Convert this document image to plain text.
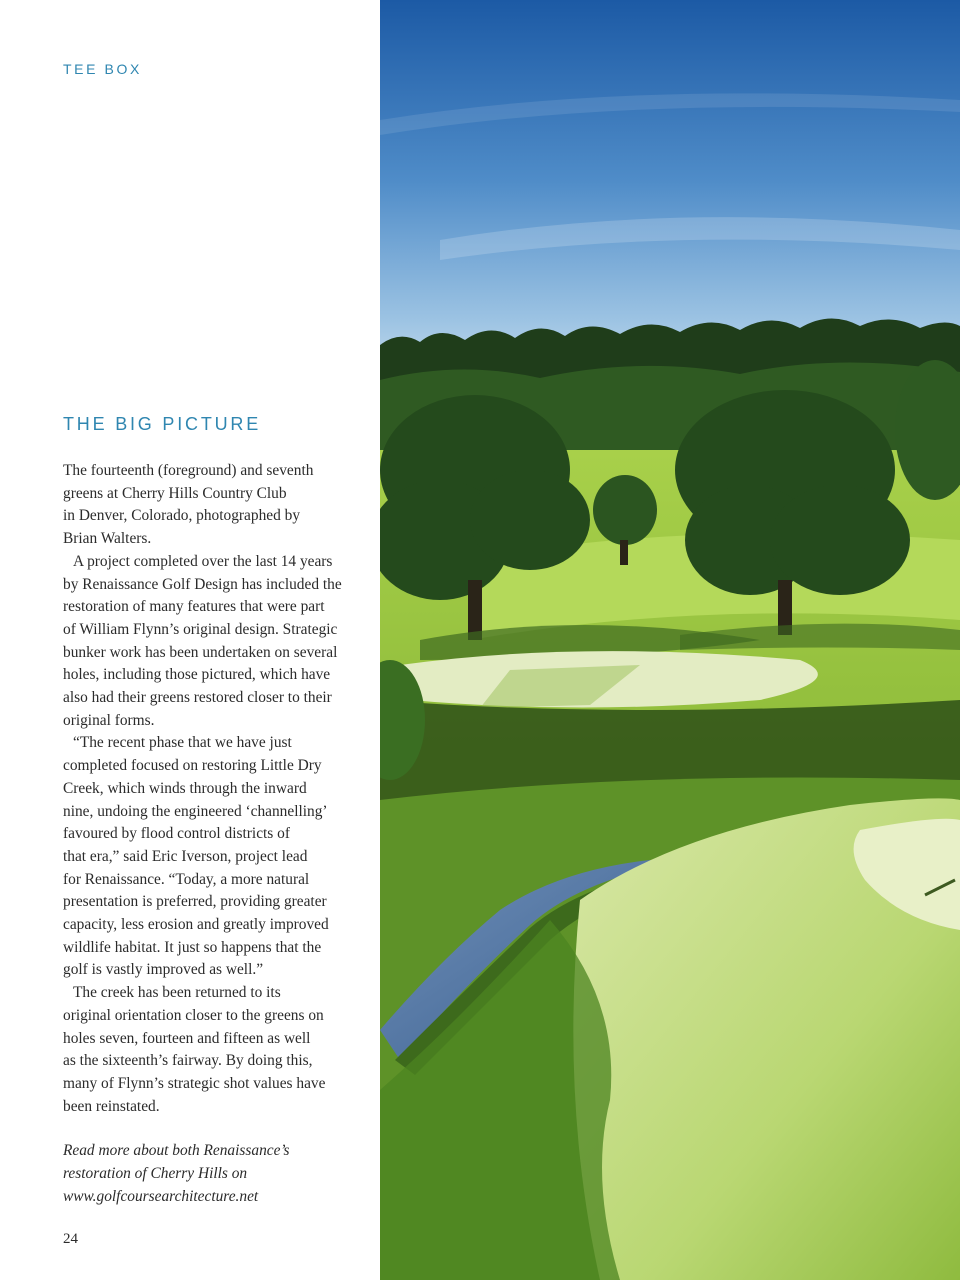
TEE BOX
THE BIG PICTURE
The fourteenth (foreground) and seventh
greens at Cherry Hills Country Club
in Denver, Colorado, photographed by
Brian Walters.
A project completed over the last 14 years
by Renaissance Golf Design has included the
restoration of many features that were part
of William Flynn’s original design. Strategic
bunker work has been undertaken on several
holes, including those pictured, which have
also had their greens restored closer to their
original forms.
“The recent phase that we have just
completed focused on restoring Little Dry
Creek, which winds through the inward
nine, undoing the engineered ‘channelling’
favoured by flood control districts of
that era,” said Eric Iverson, project lead
for Renaissance. “Today, a more natural
presentation is preferred, providing greater
capacity, less erosion and greatly improved
wildlife habitat. It just so happens that the
golf is vastly improved as well.”
The creek has been returned to its
original orientation closer to the greens on
holes seven, fourteen and fifteen as well
as the sixteenth’s fairway. By doing this,
many of Flynn’s strategic shot values have
been reinstated.
Read more about both Renaissance’s
restoration of Cherry Hills on
www.golfcoursearchitecture.net
24
